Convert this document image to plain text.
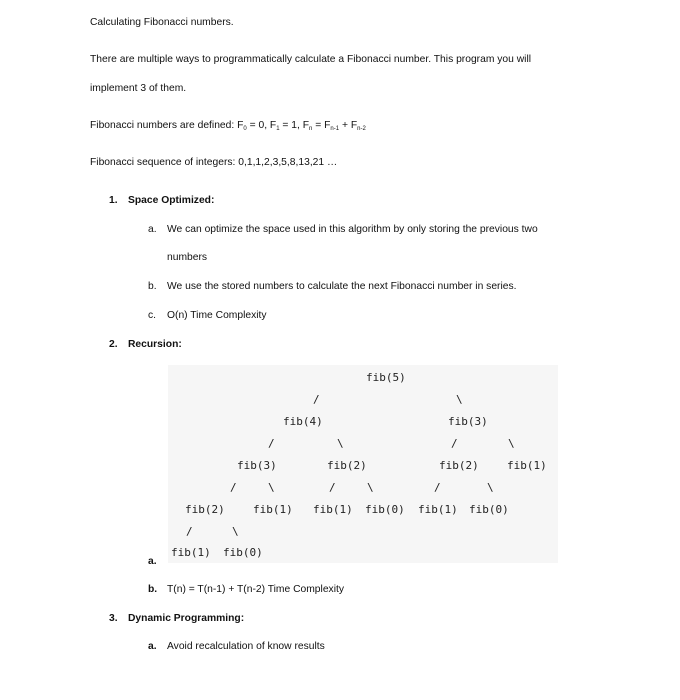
Calculating Fibonacci numbers.
There are multiple ways to programmatically calculate a Fibonacci number. This program you will
implement 3 of them.
Fibonacci numbers are defined: $F_0 = 0$, $F_1 = 1$, $F_n = F_{n-1} + F_{n-2}$
Fibonacci sequence of integers: 0,1,1,2,3,5,8,13,21 …
1. Space Optimized:
a. We can optimize the space used in this algorithm by only storing the previous two
numbers
b. We use the stored numbers to calculate the next Fibonacci number in series.
c. O(n) Time Complexity
2. Recursion:
fib(5)
/	\
fib(4)	fib(3)
/	\	/	\
fib(3)	fib(2)	fib(2)	fib(1)
/	\	/	\	/	\
fib(2)	fib(1) fib(1) fib(0) fib(1) fib(0)
/	\
fib(1) fib(0)
a.
b. T(n) = T(n-1) + T(n-2) Time Complexity
3. Dynamic Programming:
a. Avoid recalculation of know results
